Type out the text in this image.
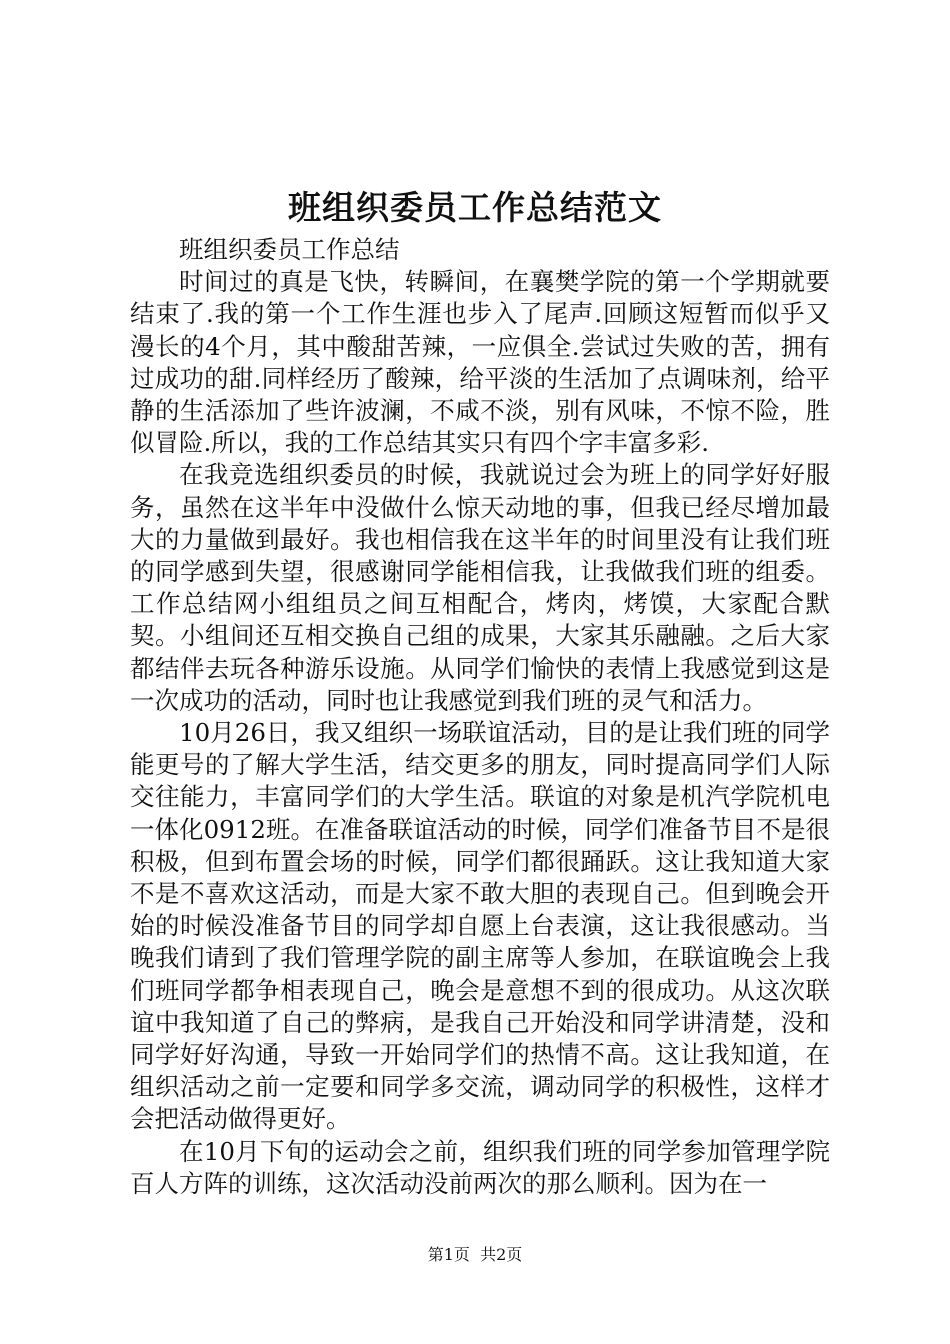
班组织委员工作总结范文

班组织委员工作总结

时间过的真是飞快，转瞬间，在襄樊学院的第一个学期就要结束了.我的第一个工作生涯也步入了尾声.回顾这短暂而似乎又漫长的4个月，其中酸甜苦辣，一应俱全.尝试过失败的苦，拥有过成功的甜.同样经历了酸辣，给平淡的生活加了点调味剂，给平静的生活添加了些许波澜，不咸不淡，别有风味，不惊不险，胜似冒险.所以，我的工作总结其实只有四个字丰富多彩.

在我竞选组织委员的时候，我就说过会为班上的同学好好服务，虽然在这半年中没做什么惊天动地的事，但我已经尽增加最大的力量做到最好。我也相信我在这半年的时间里没有让我们班的同学感到失望，很感谢同学能相信我，让我做我们班的组委。工作总结网小组组员之间互相配合，烤肉，烤馍，大家配合默契。小组间还互相交换自己组的成果，大家其乐融融。之后大家都结伴去玩各种游乐设施。从同学们愉快的表情上我感觉到这是一次成功的活动，同时也让我感觉到我们班的灵气和活力。

10月26日，我又组织一场联谊活动，目的是让我们班的同学能更号的了解大学生活，结交更多的朋友，同时提高同学们人际交往能力，丰富同学们的大学生活。联谊的对象是机汽学院机电一体化0912班。在准备联谊活动的时候，同学们准备节目不是很积极，但到布置会场的时候，同学们都很踊跃。这让我知道大家不是不喜欢这活动，而是大家不敢大胆的表现自己。但到晚会开始的时候没准备节目的同学却自愿上台表演，这让我很感动。当晚我们请到了我们管理学院的副主席等人参加，在联谊晚会上我们班同学都争相表现自己，晚会是意想不到的很成功。从这次联谊中我知道了自己的弊病，是我自己开始没和同学讲清楚，没和同学好好沟通，导致一开始同学们的热情不高。这让我知道，在组织活动之前一定要和同学多交流，调动同学的积极性，这样才会把活动做得更好。

在10月下旬的运动会之前，组织我们班的同学参加管理学院百人方阵的训练，这次活动没前两次的那么顺利。因为在一

第1页 共2页
